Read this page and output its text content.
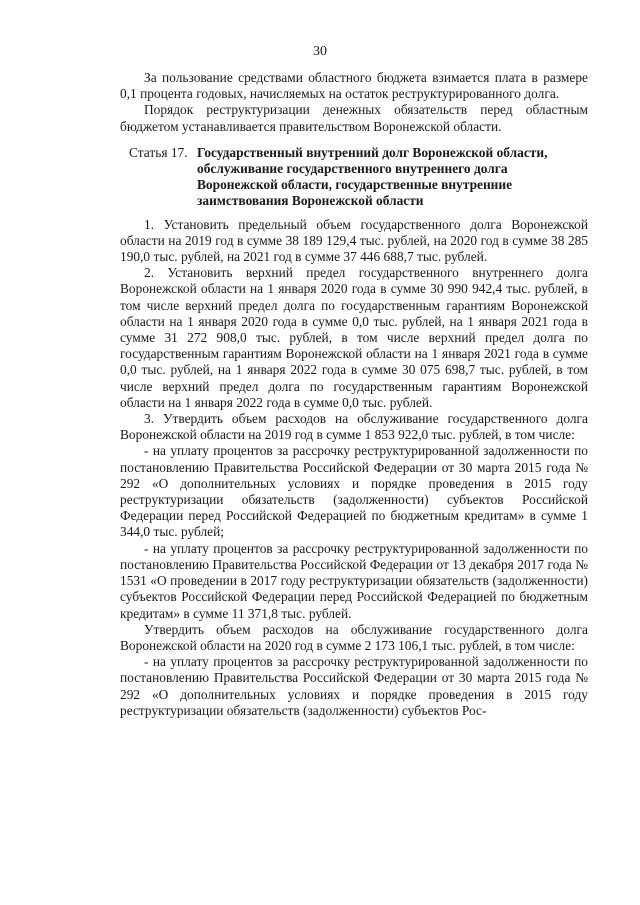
30

За пользование средствами областного бюджета взимается плата в размере 0,1 процента годовых, начисляемых на остаток реструктурированного долга.

Порядок реструктуризации денежных обязательств перед областным бюджетом устанавливается правительством Воронежской области.

Статья 17. Государственный внутренний долг Воронежской области, обслуживание государственного внутреннего долга Воронежской области, государственные внутренние заимствования Воронежской области

1. Установить предельный объем государственного долга Воронежской области на 2019 год в сумме 38 189 129,4 тыс. рублей, на 2020 год в сумме 38 285 190,0 тыс. рублей, на 2021 год в сумме 37 446 688,7 тыс. рублей.

2. Установить верхний предел государственного внутреннего долга Воронежской области на 1 января 2020 года в сумме 30 990 942,4 тыс. рублей, в том числе верхний предел долга по государственным гарантиям Воронежской области на 1 января 2020 года в сумме 0,0 тыс. рублей, на 1 января 2021 года в сумме 31 272 908,0 тыс. рублей, в том числе верхний предел долга по государственным гарантиям Воронежской области на 1 января 2021 года в сумме 0,0 тыс. рублей, на 1 января 2022 года в сумме 30 075 698,7 тыс. рублей, в том числе верхний предел долга по государственным гарантиям Воронежской области на 1 января 2022 года в сумме 0,0 тыс. рублей.

3. Утвердить объем расходов на обслуживание государственного долга Воронежской области на 2019 год в сумме 1 853 922,0 тыс. рублей, в том числе:

- на уплату процентов за рассрочку реструктурированной задолженности по постановлению Правительства Российской Федерации от 30 марта 2015 года № 292 «О дополнительных условиях и порядке проведения в 2015 году реструктуризации обязательств (задолженности) субъектов Российской Федерации перед Российской Федерацией по бюджетным кредитам» в сумме 1 344,0 тыс. рублей;

- на уплату процентов за рассрочку реструктурированной задолженности по постановлению Правительства Российской Федерации от 13 декабря 2017 года № 1531 «О проведении в 2017 году реструктуризации обязательств (задолженности) субъектов Российской Федерации перед Российской Федерацией по бюджетным кредитам» в сумме 11 371,8 тыс. рублей.

Утвердить объем расходов на обслуживание государственного долга Воронежской области на 2020 год в сумме 2 173 106,1 тыс. рублей, в том числе:

- на уплату процентов за рассрочку реструктурированной задолженности по постановлению Правительства Российской Федерации от 30 марта 2015 года № 292 «О дополнительных условиях и порядке проведения в 2015 году реструктуризации обязательств (задолженности) субъектов Рос-
